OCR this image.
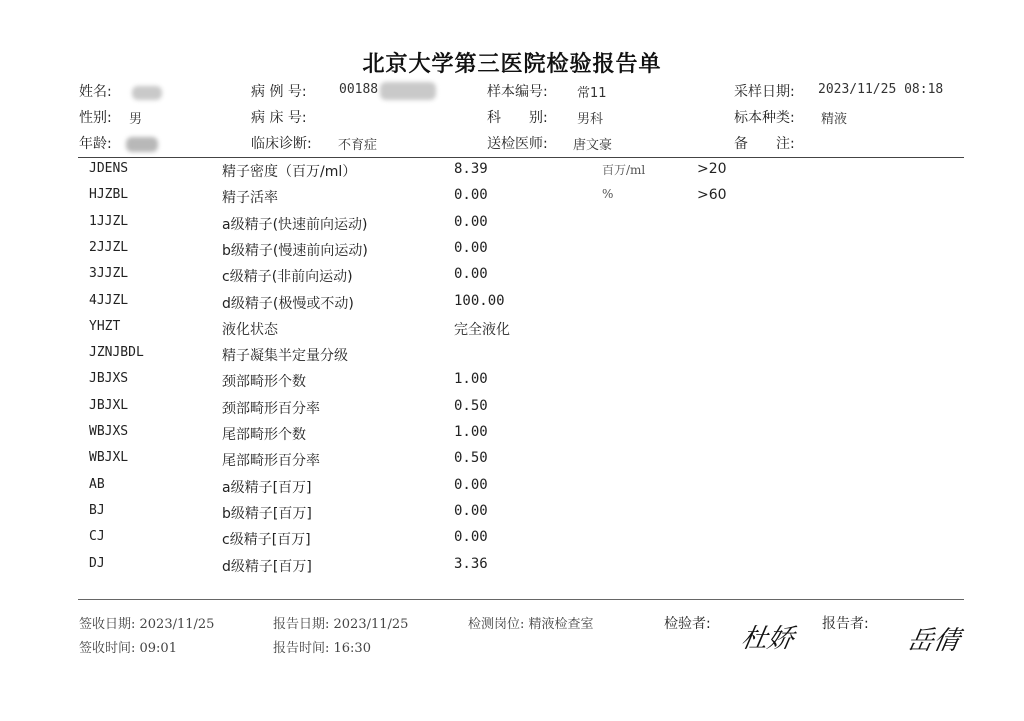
北京大学第三医院检验报告单
姓名:	病 例 号: 00188	样本编号: 常11	采样日期: 2023/11/25 08:18
性别: 男	病 床 号:	科　　别: 男科	标本种类: 精液
年龄:	临床诊断: 不育症	送检医师: 唐文豪	备　　注:
JDENS	精子密度（百万/ml）	8.39	百万/ml	>20
HJZBL	精子活率	0.00	%	>60
1JJZL	a级精子(快速前向运动)	0.00
2JJZL	b级精子(慢速前向运动)	0.00
3JJZL	c级精子(非前向运动)	0.00
4JJZL	d级精子(极慢或不动)	100.00
YHZT	液化状态	完全液化
JZNJBDL	精子凝集半定量分级
JBJXS	颈部畸形个数	1.00
JBJXL	颈部畸形百分率	0.50
WBJXS	尾部畸形个数	1.00
WBJXL	尾部畸形百分率	0.50
AB	a级精子[百万]	0.00
BJ	b级精子[百万]	0.00
CJ	c级精子[百万]	0.00
DJ	d级精子[百万]	3.36
签收日期: 2023/11/25
签收时间: 09:01
报告日期: 2023/11/25
报告时间: 16:30
检测岗位: 精液检查室	检验者: 杜娇 报告者:
岳倩
